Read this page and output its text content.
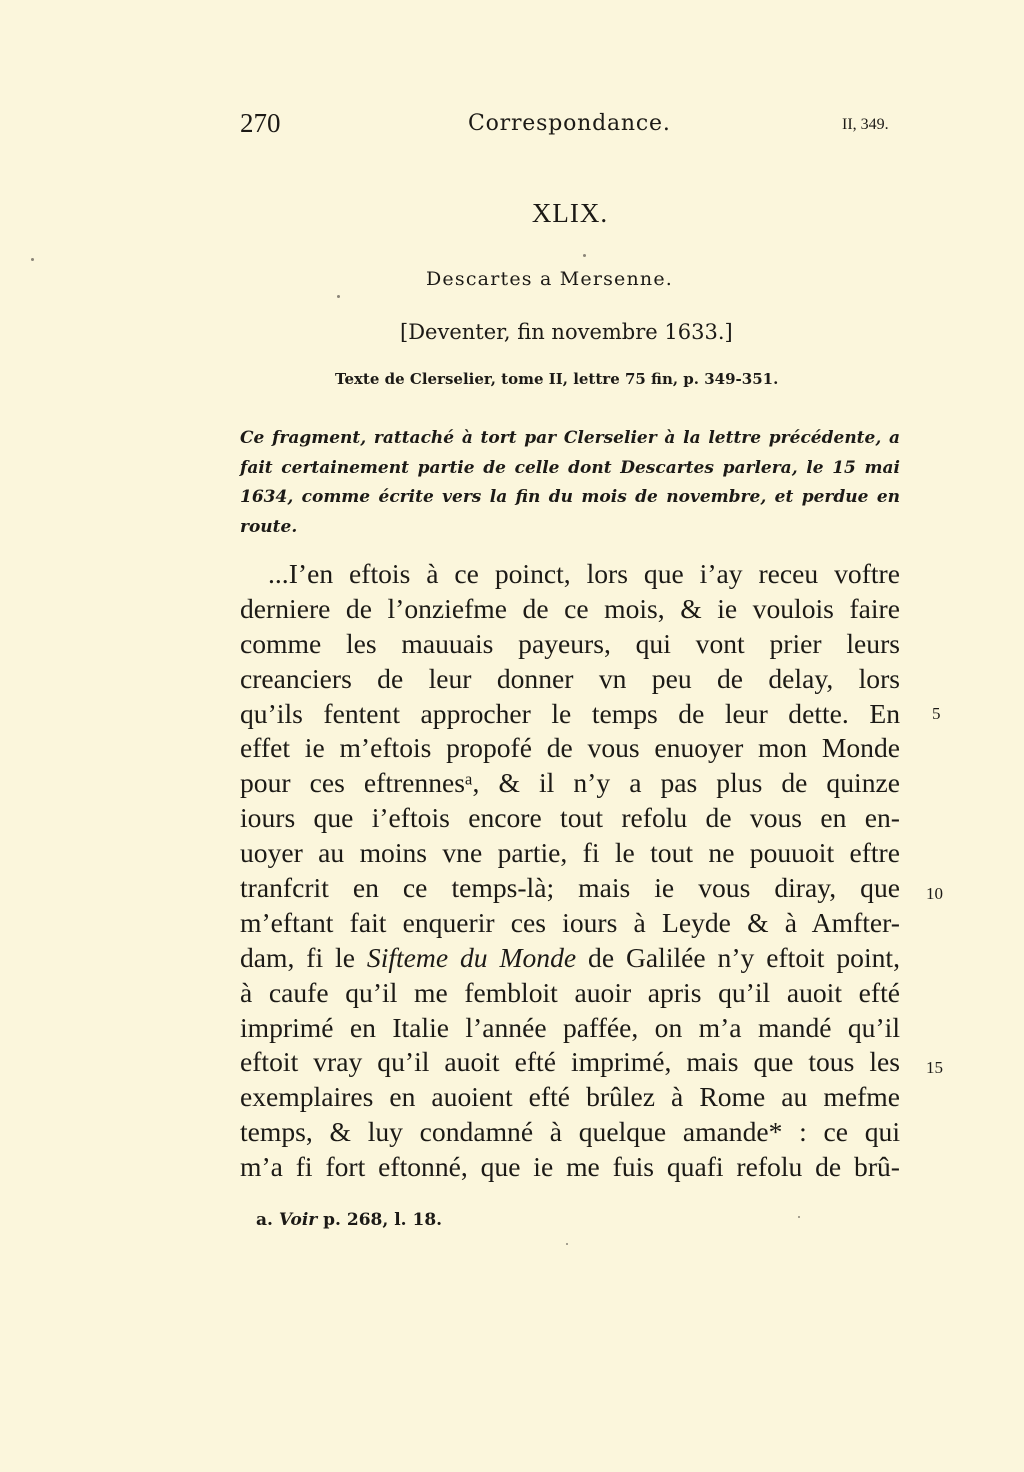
270	Correspondance.	II, 349.
XLIX.
Descartes a Mersenne.
[Deventer, fin novembre 1633.]
Texte de Clerselier, tome II, lettre 75 fin, p. 349-351.
Ce fragment, rattaché à tort par Clerselier à la lettre précédente, a fait certainement partie de celle dont Descartes parlera, le 15 mai 1634, comme écrite vers la fin du mois de novembre, et perdue en route.
...I’en eftois à ce poinct, lors que i’ay receu voftre
derniere de l’onziefme de ce mois, & ie voulois faire
comme les mauuais payeurs, qui vont prier leurs
creanciers de leur donner vn peu de delay, lors
qu’ils fentent approcher le temps de leur dette. En
effet ie m’eftois propofé de vous enuoyer mon Monde
pour ces eftrennesᵃ, & il n’y a pas plus de quinze
iours que i’eftois encore tout refolu de vous en en-
uoyer au moins vne partie, fi le tout ne pouuoit eftre
tranfcrit en ce temps-là; mais ie vous diray, que
m’eftant fait enquerir ces iours à Leyde & à Amfter-
dam, fi le Sifteme du Monde de Galilée n’y eftoit point,
à caufe qu’il me fembloit auoir apris qu’il auoit efté
imprimé en Italie l’année paffée, on m’a mandé qu’il
eftoit vray qu’il auoit efté imprimé, mais que tous les
exemplaires en auoient efté brûlez à Rome au mefme
temps, & luy condamné à quelque amande* : ce qui
m’a fi fort eftonné, que ie me fuis quafi refolu de brû-
5
10
15
a. Voir p. 268, l. 18.
